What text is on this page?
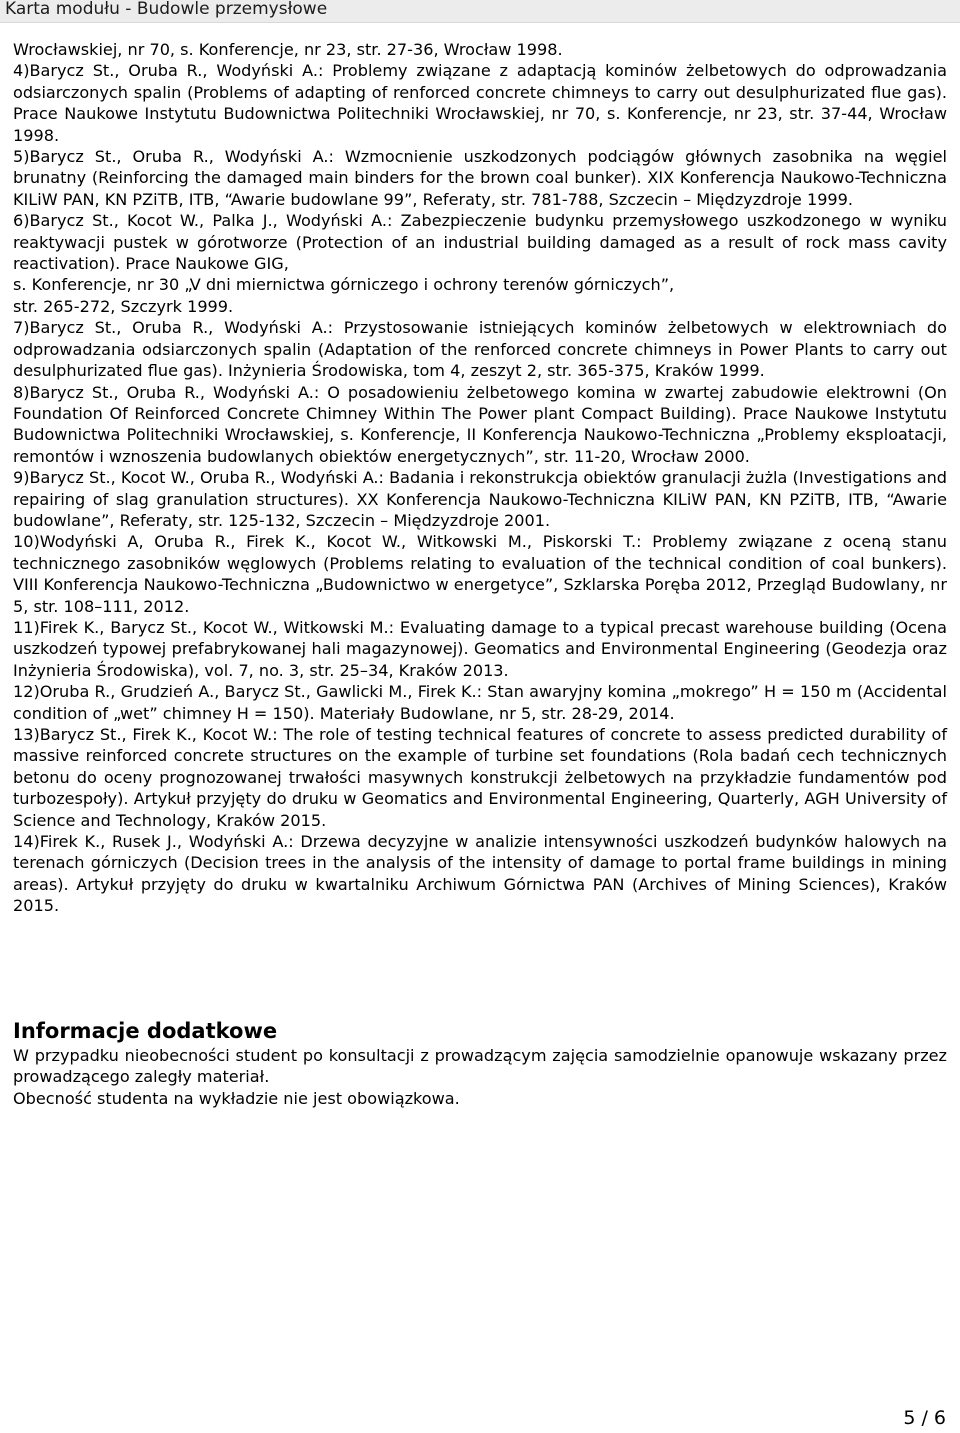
Karta modułu - Budowle przemysłowe

Wrocławskiej, nr 70, s. Konferencje, nr 23, str. 27-36, Wrocław 1998.

4)Barycz St., Oruba R., Wodyński A.: Problemy związane z adaptacją kominów żelbetowych do odprowadzania odsiarczonych spalin (Problems of adapting of renforced concrete chimneys to carry out desulphurizated flue gas). Prace Naukowe Instytutu Budownictwa Politechniki Wrocławskiej, nr 70, s. Konferencje, nr 23, str. 37-44, Wrocław 1998.

5)Barycz St., Oruba R., Wodyński A.: Wzmocnienie uszkodzonych podciągów głównych zasobnika na węgiel brunatny (Reinforcing the damaged main binders for the brown coal bunker). XIX Konferencja Naukowo-Techniczna KILiW PAN, KN PZiTB, ITB, “Awarie budowlane 99”, Referaty, str. 781-788, Szczecin – Międzyzdroje 1999.

6)Barycz St., Kocot W., Palka J., Wodyński A.: Zabezpieczenie budynku przemysłowego uszkodzonego w wyniku reaktywacji pustek w górotworze (Protection of an industrial building damaged as a result of rock mass cavity reactivation). Prace Naukowe GIG,

s. Konferencje, nr 30 „V dni miernictwa górniczego i ochrony terenów górniczych”,

str. 265-272, Szczyrk 1999.

7)Barycz St., Oruba R., Wodyński A.: Przystosowanie istniejących kominów żelbetowych w elektrowniach do odprowadzania odsiarczonych spalin (Adaptation of the renforced concrete chimneys in Power Plants to carry out desulphurizated flue gas). Inżynieria Środowiska, tom 4, zeszyt 2, str. 365-375, Kraków 1999.

8)Barycz St., Oruba R., Wodyński A.: O posadowieniu żelbetowego komina w zwartej zabudowie elektrowni (On Foundation Of Reinforced Concrete Chimney Within The Power plant Compact Building). Prace Naukowe Instytutu Budownictwa Politechniki Wrocławskiej, s. Konferencje, II Konferencja Naukowo-Techniczna „Problemy eksploatacji, remontów i wznoszenia budowlanych obiektów energetycznych”, str. 11-20, Wrocław 2000.

9)Barycz St., Kocot W., Oruba R., Wodyński A.: Badania i rekonstrukcja obiektów granulacji żużla (Investigations and repairing of slag granulation structures). XX Konferencja Naukowo-Techniczna KILiW PAN, KN PZiTB, ITB, “Awarie budowlane”, Referaty, str. 125-132, Szczecin – Międzyzdroje 2001.

10)Wodyński A, Oruba R., Firek K., Kocot W., Witkowski M., Piskorski T.: Problemy związane z oceną stanu technicznego zasobników węglowych (Problems relating to evaluation of the technical condition of coal bunkers). VIII Konferencja Naukowo-Techniczna „Budownictwo w energetyce”, Szklarska Poręba 2012, Przegląd Budowlany, nr 5, str. 108–111, 2012.

11)Firek K., Barycz St., Kocot W., Witkowski M.: Evaluating damage to a typical precast warehouse building (Ocena uszkodzeń typowej prefabrykowanej hali magazynowej). Geomatics and Environmental Engineering (Geodezja oraz Inżynieria Środowiska), vol. 7, no. 3, str. 25–34, Kraków 2013.

12)Oruba R., Grudzień A., Barycz St., Gawlicki M., Firek K.: Stan awaryjny komina „mokrego” H = 150 m (Accidental condition of „wet” chimney H = 150). Materiały Budowlane, nr 5, str. 28-29, 2014.

13)Barycz St., Firek K., Kocot W.: The role of testing technical features of concrete to assess predicted durability of massive reinforced concrete structures on the example of turbine set foundations (Rola badań cech technicznych betonu do oceny prognozowanej trwałości masywnych konstrukcji żelbetowych na przykładzie fundamentów pod turbozespoły). Artykuł przyjęty do druku w Geomatics and Environmental Engineering, Quarterly, AGH University of Science and Technology, Kraków 2015.

14)Firek K., Rusek J., Wodyński A.: Drzewa decyzyjne w analizie intensywności uszkodzeń budynków halowych na terenach górniczych (Decision trees in the analysis of the intensity of damage to portal frame buildings in mining areas). Artykuł przyjęty do druku w kwartalniku Archiwum Górnictwa PAN (Archives of Mining Sciences), Kraków 2015.

Informacje dodatkowe

W przypadku nieobecności student po konsultacji z prowadzącym zajęcia samodzielnie opanowuje wskazany przez prowadzącego zaległy materiał.

Obecność studenta na wykładzie nie jest obowiązkowa.

5 / 6
